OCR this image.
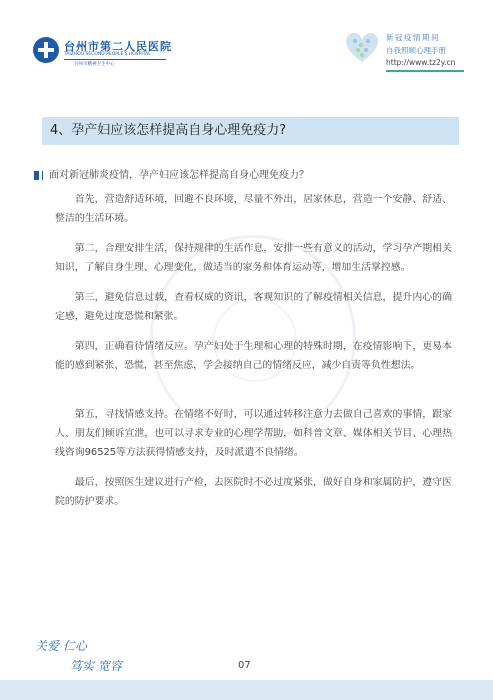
台州市第二人民医院
TAIZHOU SECOND PEOPLE'S HOSPITAL
台州市精神卫生中心
新冠疫情期间
自我照顾心理手册
http://www.tz2y.cn
4、孕产妇应该怎样提高自身心理免疫力?
面对新冠肺炎疫情，孕产妇应该怎样提高自身心理免疫力？

首先，营造舒适环境，回避不良环境，尽量不外出，居家休息，营造一个安静、舒适、整洁的生活环境。

第二，合理安排生活，保持规律的生活作息，安排一些有意义的活动，学习孕产期相关知识，了解自身生理、心理变化，做适当的家务和体育运动等，增加生活掌控感。

第三，避免信息过载，查看权威的资讯，客观知识的了解疫情相关信息，提升内心的确定感，避免过度恐慌和紧张。

第四，正确看待情绪反应。孕产妇处于生理和心理的特殊时期，在疫情影响下，更易本能的感到紧张、恐慌，甚至焦虑，学会接纳自己的情绪反应，减少自责等负性想法。

第五，寻找情感支持。在情绪不好时，可以通过转移注意力去做自己喜欢的事情，跟家人、朋友们倾诉宣泄，也可以寻求专业的心理学帮助，如科普文章、媒体相关节目、心理热线咨询96525等方法获得情感支持，及时派遣不良情绪。

最后，按照医生建议进行产检，去医院时不必过度紧张，做好自身和家属防护，遵守医院的防护要求。

关爱 仁心
笃实 宽容	07
